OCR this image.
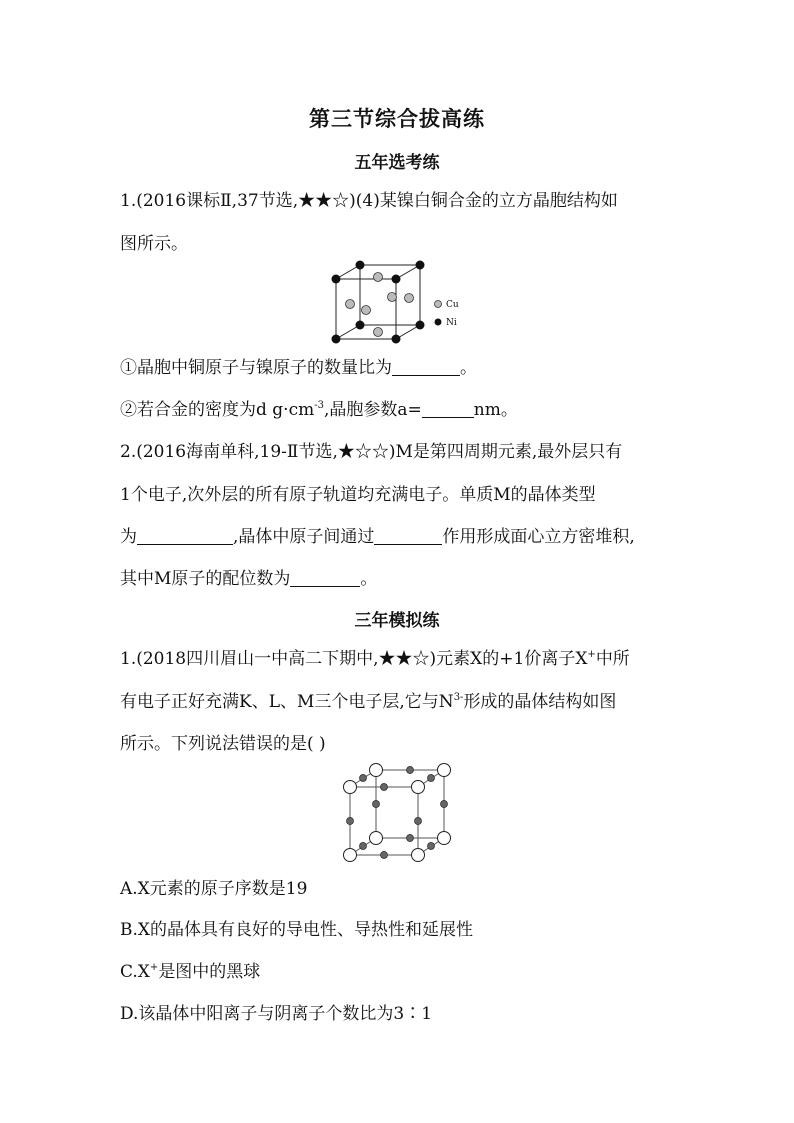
第三节综合拔高练
五年选考练
1.(2016课标Ⅱ,37节选,★★☆)(4)某镍白铜合金的立方晶胞结构如
图所示。
Cu
Ni
①晶胞中铜原子与镍原子的数量比为	。
②若合金的密度为d $g\cdot cm^{-3}$,晶胞参数a=	nm。
2.(2016海南单科,19-Ⅱ节选,★☆☆)M是第四周期元素,最外层只有
1个电子,次外层的所有原子轨道均充满电子。单质M的晶体类型
为	,晶体中原子间通过	作用形成面心立方密堆积,
其中M原子的配位数为	。
三年模拟练
1.(2018四川眉山一中高二下期中,★★☆)元素X的+1价离子X+中所
有电子正好充满K、L、M三个电子层,它与$N^{3-}$形成的晶体结构如图
所示。下列说法错误的是( )
A.X元素的原子序数是19
B.X的晶体具有良好的导电性、导热性和延展性
C.X+是图中的黑球
D.该晶体中阳离子与阴离子个数比为3∶1
